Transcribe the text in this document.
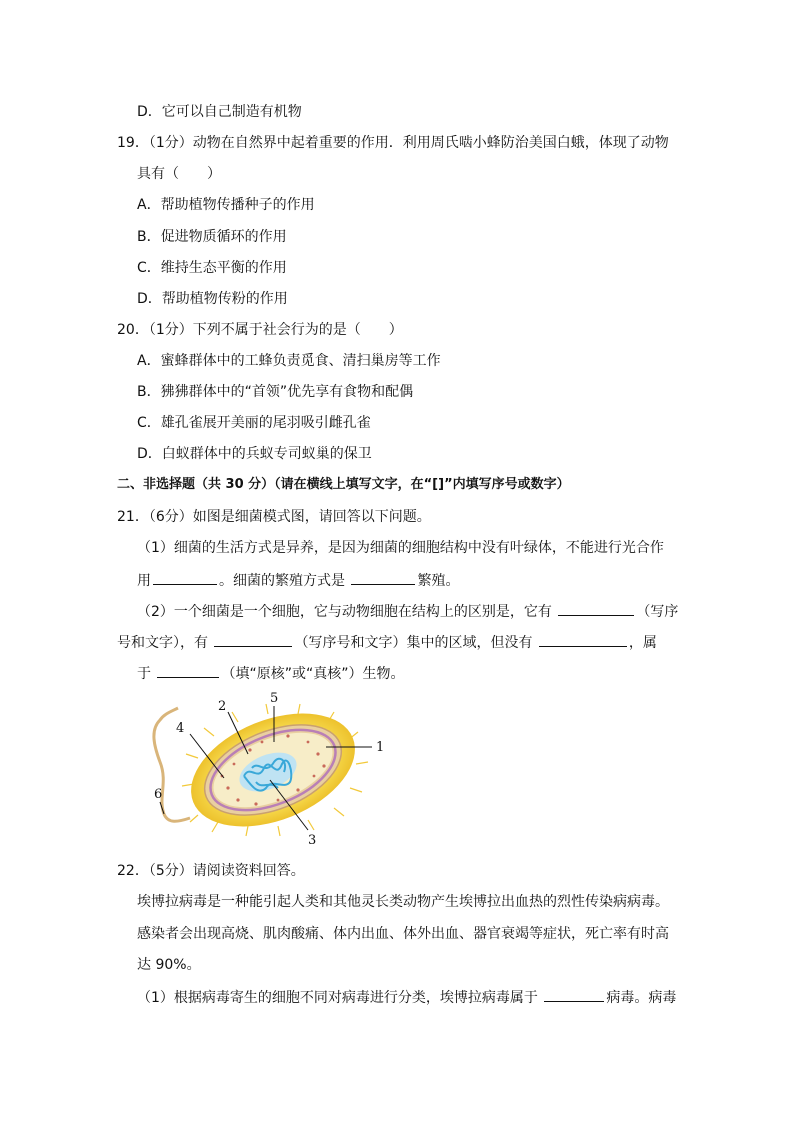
D．它可以自己制造有机物
19．（1分）动物在自然界中起着重要的作用．利用周氏啮小蜂防治美国白蛾，体现了动物
具有（　　）
A．帮助植物传播种子的作用
B．促进物质循环的作用
C．维持生态平衡的作用
D．帮助植物传粉的作用
20．（1分）下列不属于社会行为的是（　　）
A．蜜蜂群体中的工蜂负责觅食、清扫巢房等工作
B．狒狒群体中的“首领”优先享有食物和配偶
C．雄孔雀展开美丽的尾羽吸引雌孔雀
D．白蚁群体中的兵蚁专司蚁巢的保卫
二、非选择题（共 30 分）（请在横线上填写文字，在“[]”内填写序号或数字）
21．（6分）如图是细菌模式图，请回答以下问题。
（1）细菌的生活方式是异养，是因为细菌的细胞结构中没有叶绿体，不能进行光合作
用	。细菌的繁殖方式是	繁殖。
（2）一个细菌是一个细胞，它与动物细胞在结构上的区别是，它有	（写序
号和文字），有	（写序号和文字）集中的区域，但没有	，属
于	（填“原核”或“真核”）生物。
1
2
3
4
5
6
22．（5分）请阅读资料回答。
埃博拉病毒是一种能引起人类和其他灵长类动物产生埃博拉出血热的烈性传染病病毒。
感染者会出现高烧、肌肉酸痛、体内出血、体外出血、器官衰竭等症状，死亡率有时高
达 90%。
（1）根据病毒寄生的细胞不同对病毒进行分类，埃博拉病毒属于	病毒。病毒
